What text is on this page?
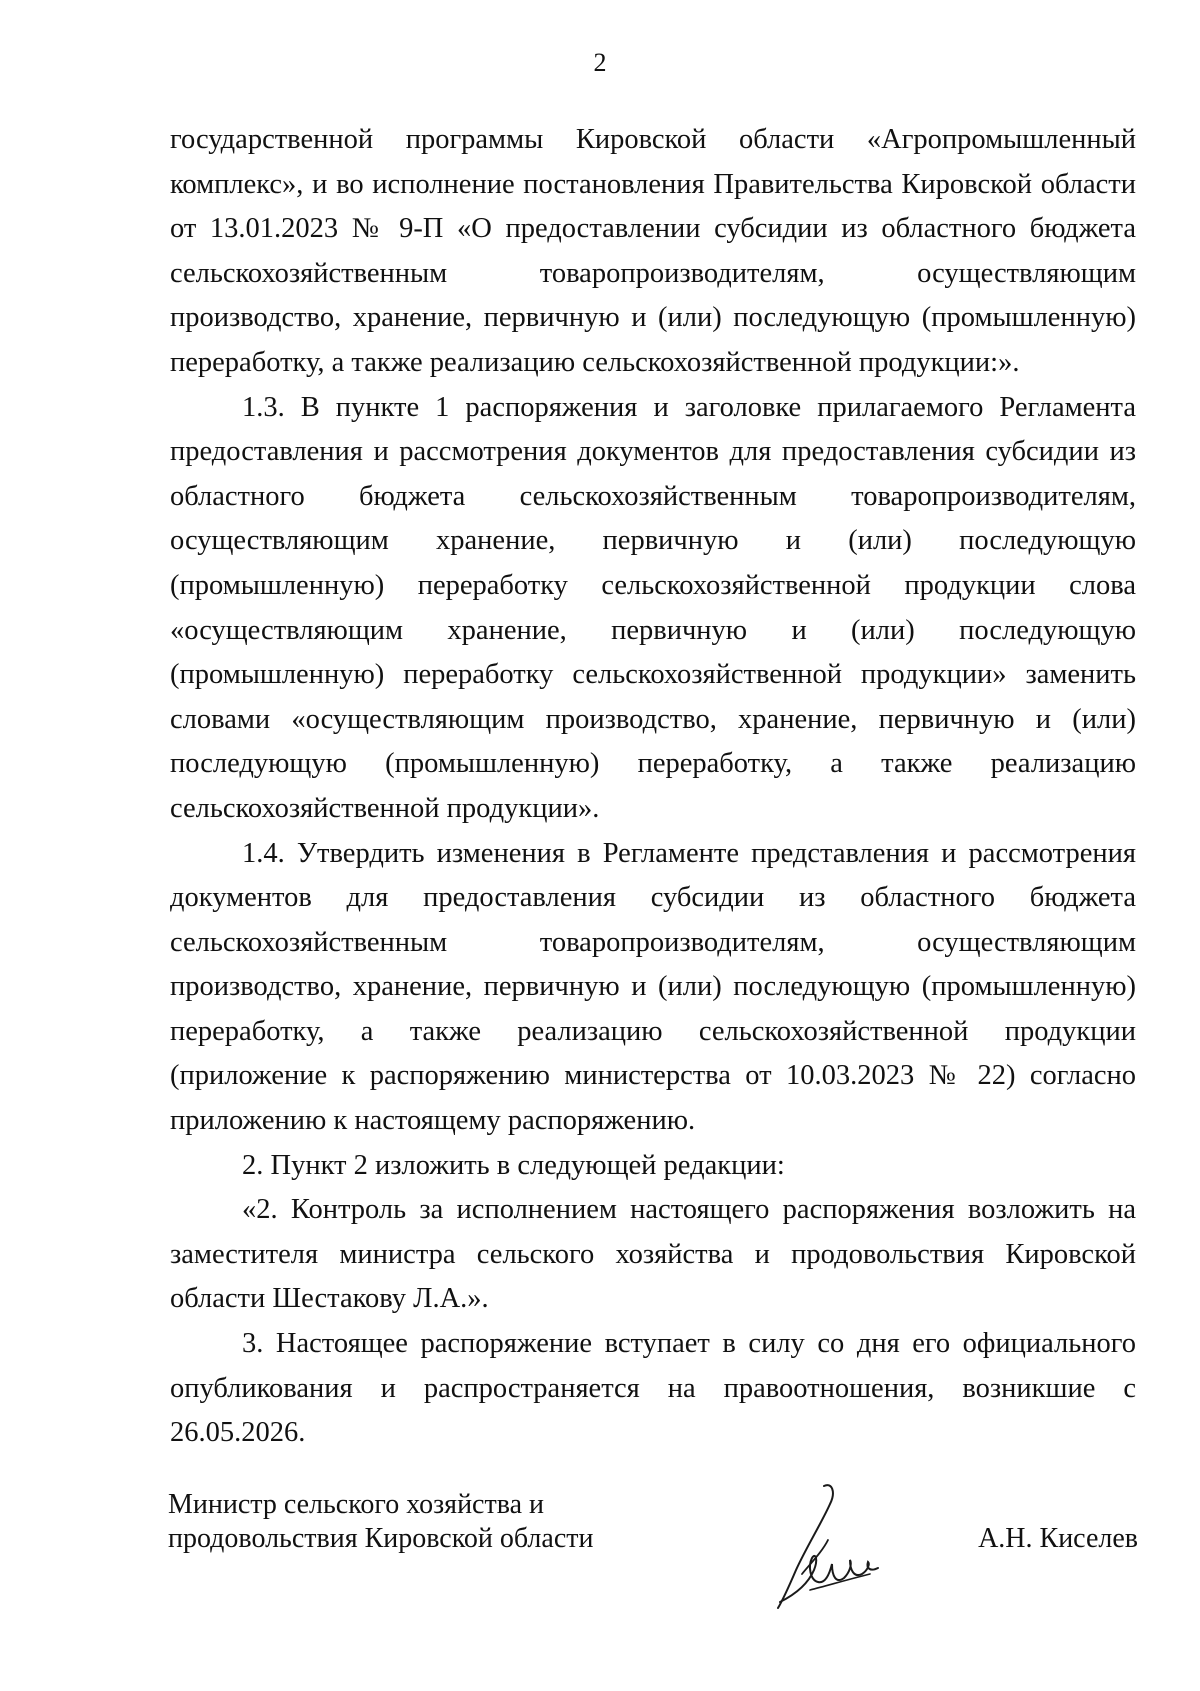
2

государственной программы Кировской области «Агропромышленный комплекс», и во исполнение постановления Правительства Кировской области от 13.01.2023 № 9-П «О предоставлении субсидии из областного бюджета сельскохозяйственным товаропроизводителям, осуществляющим производство, хранение, первичную и (или) последующую (промышленную) переработку, а также реализацию сельскохозяйственной продукции:».

1.3. В пункте 1 распоряжения и заголовке прилагаемого Регламента предоставления и рассмотрения документов для предоставления субсидии из областного бюджета сельскохозяйственным товаропроизводителям, осуществляющим хранение, первичную и (или) последующую (промышленную) переработку сельскохозяйственной продукции слова «осуществляющим хранение, первичную и (или) последующую (промышленную) переработку сельскохозяйственной продукции» заменить словами «осуществляющим производство, хранение, первичную и (или) последующую (промышленную) переработку, а также реализацию сельскохозяйственной продукции».

1.4. Утвердить изменения в Регламенте представления и рассмотрения документов для предоставления субсидии из областного бюджета сельскохозяйственным товаропроизводителям, осуществляющим производство, хранение, первичную и (или) последующую (промышленную) переработку, а также реализацию сельскохозяйственной продукции (приложение к распоряжению министерства от 10.03.2023 № 22) согласно приложению к настоящему распоряжению.

2. Пункт 2 изложить в следующей редакции:

«2. Контроль за исполнением настоящего распоряжения возложить на заместителя министра сельского хозяйства и продовольствия Кировской области Шестакову Л.А.».

3. Настоящее распоряжение вступает в силу со дня его официального опубликования и распространяется на правоотношения, возникшие с 26.05.2026.

Министр сельского хозяйства и
продовольствия Кировской области	А.Н. Киселев
